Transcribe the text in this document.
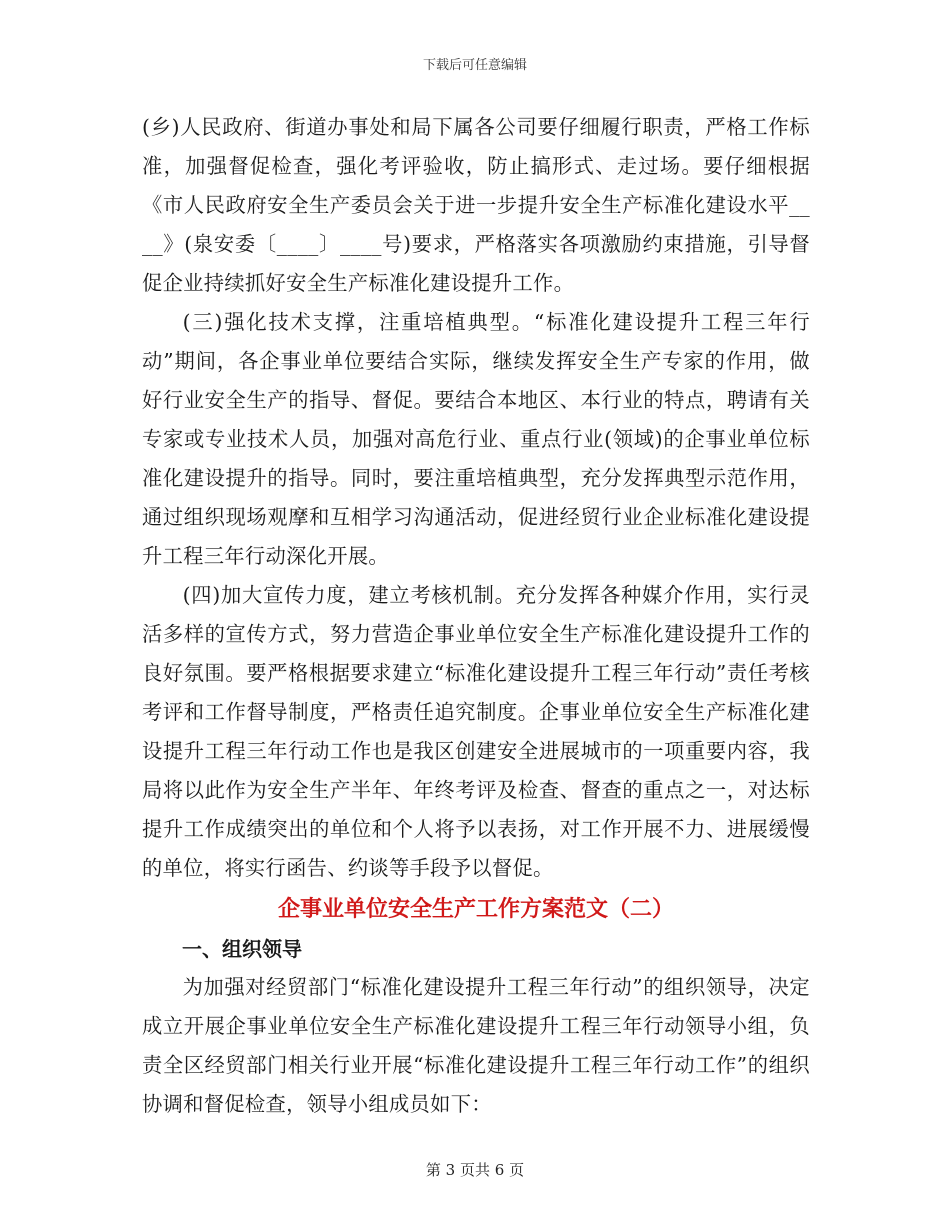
下载后可任意编辑

(乡)人民政府、街道办事处和局下属各公司要仔细履行职责，严格工作标准，加强督促检查，强化考评验收，防止搞形式、走过场。要仔细根据《市人民政府安全生产委员会关于进一步提升安全生产标准化建设水平____》(泉安委〔____〕____号)要求，严格落实各项激励约束措施，引导督促企业持续抓好安全生产标准化建设提升工作。

(三)强化技术支撑，注重培植典型。“标准化建设提升工程三年行动”期间，各企事业单位要结合实际，继续发挥安全生产专家的作用，做好行业安全生产的指导、督促。要结合本地区、本行业的特点，聘请有关专家或专业技术人员，加强对高危行业、重点行业(领域)的企事业单位标准化建设提升的指导。同时，要注重培植典型，充分发挥典型示范作用，通过组织现场观摩和互相学习沟通活动，促进经贸行业企业标准化建设提升工程三年行动深化开展。

(四)加大宣传力度，建立考核机制。充分发挥各种媒介作用，实行灵活多样的宣传方式，努力营造企事业单位安全生产标准化建设提升工作的良好氛围。要严格根据要求建立“标准化建设提升工程三年行动”责任考核考评和工作督导制度，严格责任追究制度。企事业单位安全生产标准化建设提升工程三年行动工作也是我区创建安全进展城市的一项重要内容，我局将以此作为安全生产半年、年终考评及检查、督查的重点之一，对达标提升工作成绩突出的单位和个人将予以表扬，对工作开展不力、进展缓慢的单位，将实行函告、约谈等手段予以督促。

企事业单位安全生产工作方案范文（二）
一、组织领导

为加强对经贸部门“标准化建设提升工程三年行动”的组织领导，决定成立开展企事业单位安全生产标准化建设提升工程三年行动领导小组，负责全区经贸部门相关行业开展“标准化建设提升工程三年行动工作”的组织协调和督促检查，领导小组成员如下：

第 3 页共 6 页
